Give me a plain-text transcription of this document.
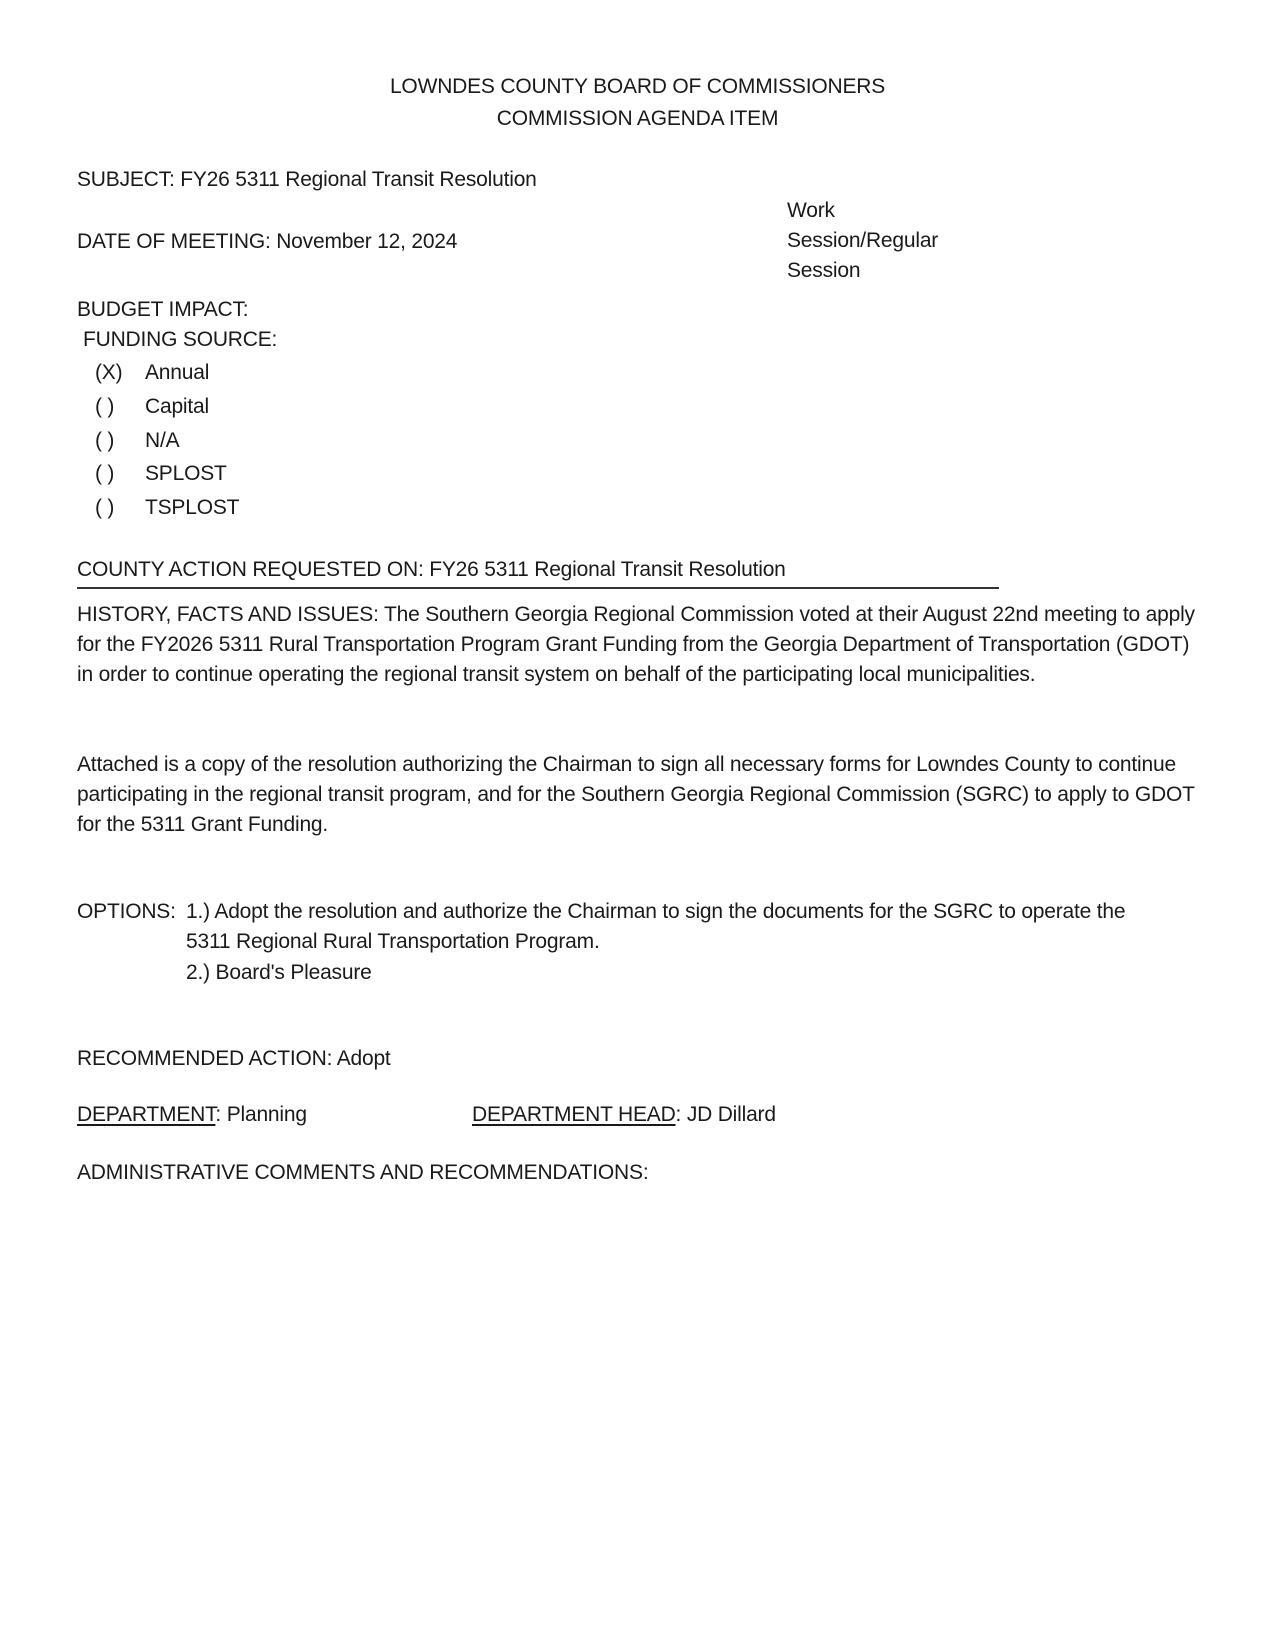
LOWNDES COUNTY BOARD OF COMMISSIONERS
COMMISSION AGENDA ITEM
SUBJECT: FY26 5311 Regional Transit Resolution
Work
DATE OF MEETING: November 12, 2024	Session/Regular
Session
BUDGET IMPACT:
FUNDING SOURCE:
(X) Annual
( ) Capital
( ) N/A
( ) SPLOST
( ) TSPLOST
COUNTY ACTION REQUESTED ON: FY26 5311 Regional Transit Resolution
HISTORY, FACTS AND ISSUES: The Southern Georgia Regional Commission voted at their August 22nd meeting to apply for the FY2026 5311 Rural Transportation Program Grant Funding from the Georgia Department of Transportation (GDOT) in order to continue operating the regional transit system on behalf of the participating local municipalities.
Attached is a copy of the resolution authorizing the Chairman to sign all necessary forms for Lowndes County to continue participating in the regional transit program, and for the Southern Georgia Regional Commission (SGRC) to apply to GDOT for the 5311 Grant Funding.
OPTIONS: 1.) Adopt the resolution and authorize the Chairman to sign the documents for the SGRC to operate the 5311 Regional Rural Transportation Program.
2.) Board's Pleasure
RECOMMENDED ACTION: Adopt
DEPARTMENT: Planning	DEPARTMENT HEAD: JD Dillard
ADMINISTRATIVE COMMENTS AND RECOMMENDATIONS:
